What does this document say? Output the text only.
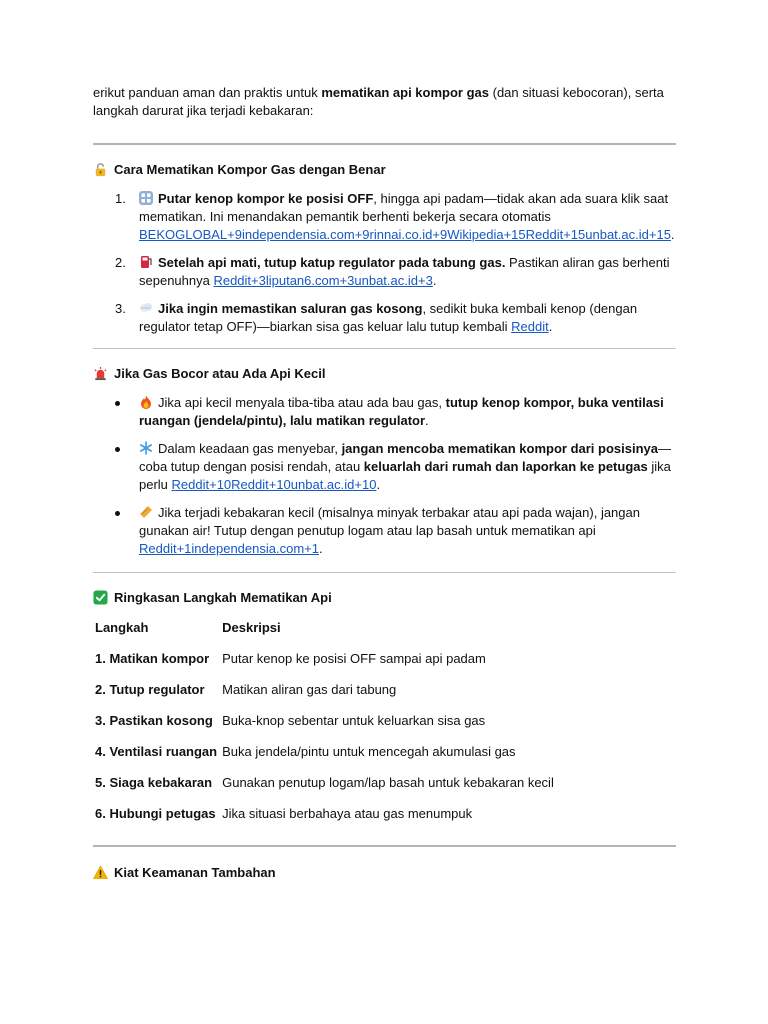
erikut panduan aman dan praktis untuk mematikan api kompor gas (dan situasi kebocoran), serta langkah darurat jika terjadi kebakaran:

Cara Mematikan Kompor Gas dengan Benar
1. Putar kenop kompor ke posisi OFF, hingga api padam—tidak akan ada suara klik saat mematikan. Ini menandakan pemantik berhenti bekerja secara otomatis BEKOGLOBAL+9independensia.com+9rinnai.co.id+9Wikipedia+15Reddit+15unbat.ac.id+15.
2. Setelah api mati, tutup katup regulator pada tabung gas. Pastikan aliran gas berhenti sepenuhnya Reddit+3liputan6.com+3unbat.ac.id+3.
3. Jika ingin memastikan saluran gas kosong, sedikit buka kembali kenop (dengan regulator tetap OFF)—biarkan sisa gas keluar lalu tutup kembali Reddit.
Jika Gas Bocor atau Ada Api Kecil
Jika api kecil menyala tiba-tiba atau ada bau gas, tutup kenop kompor, buka ventilasi ruangan (jendela/pintu), lalu matikan regulator.
Dalam keadaan gas menyebar, jangan mencoba mematikan kompor dari posisinya—coba tutup dengan posisi rendah, atau keluarlah dari rumah dan laporkan ke petugas jika perlu Reddit+10Reddit+10unbat.ac.id+10.
Jika terjadi kebakaran kecil (misalnya minyak terbakar atau api pada wajan), jangan gunakan air! Tutup dengan penutup logam atau lap basah untuk mematikan api Reddit+1independensia.com+1.
Ringkasan Langkah Mematikan Api
Langkah	Deskripsi
1. Matikan kompor	Putar kenop ke posisi OFF sampai api padam
2. Tutup regulator	Matikan aliran gas dari tabung
3. Pastikan kosong	Buka-knop sebentar untuk keluarkan sisa gas
4. Ventilasi ruangan	Buka jendela/pintu untuk mencegah akumulasi gas
5. Siaga kebakaran	Gunakan penutup logam/lap basah untuk kebakaran kecil
6. Hubungi petugas	Jika situasi berbahaya atau gas menumpuk
Kiat Keamanan Tambahan
